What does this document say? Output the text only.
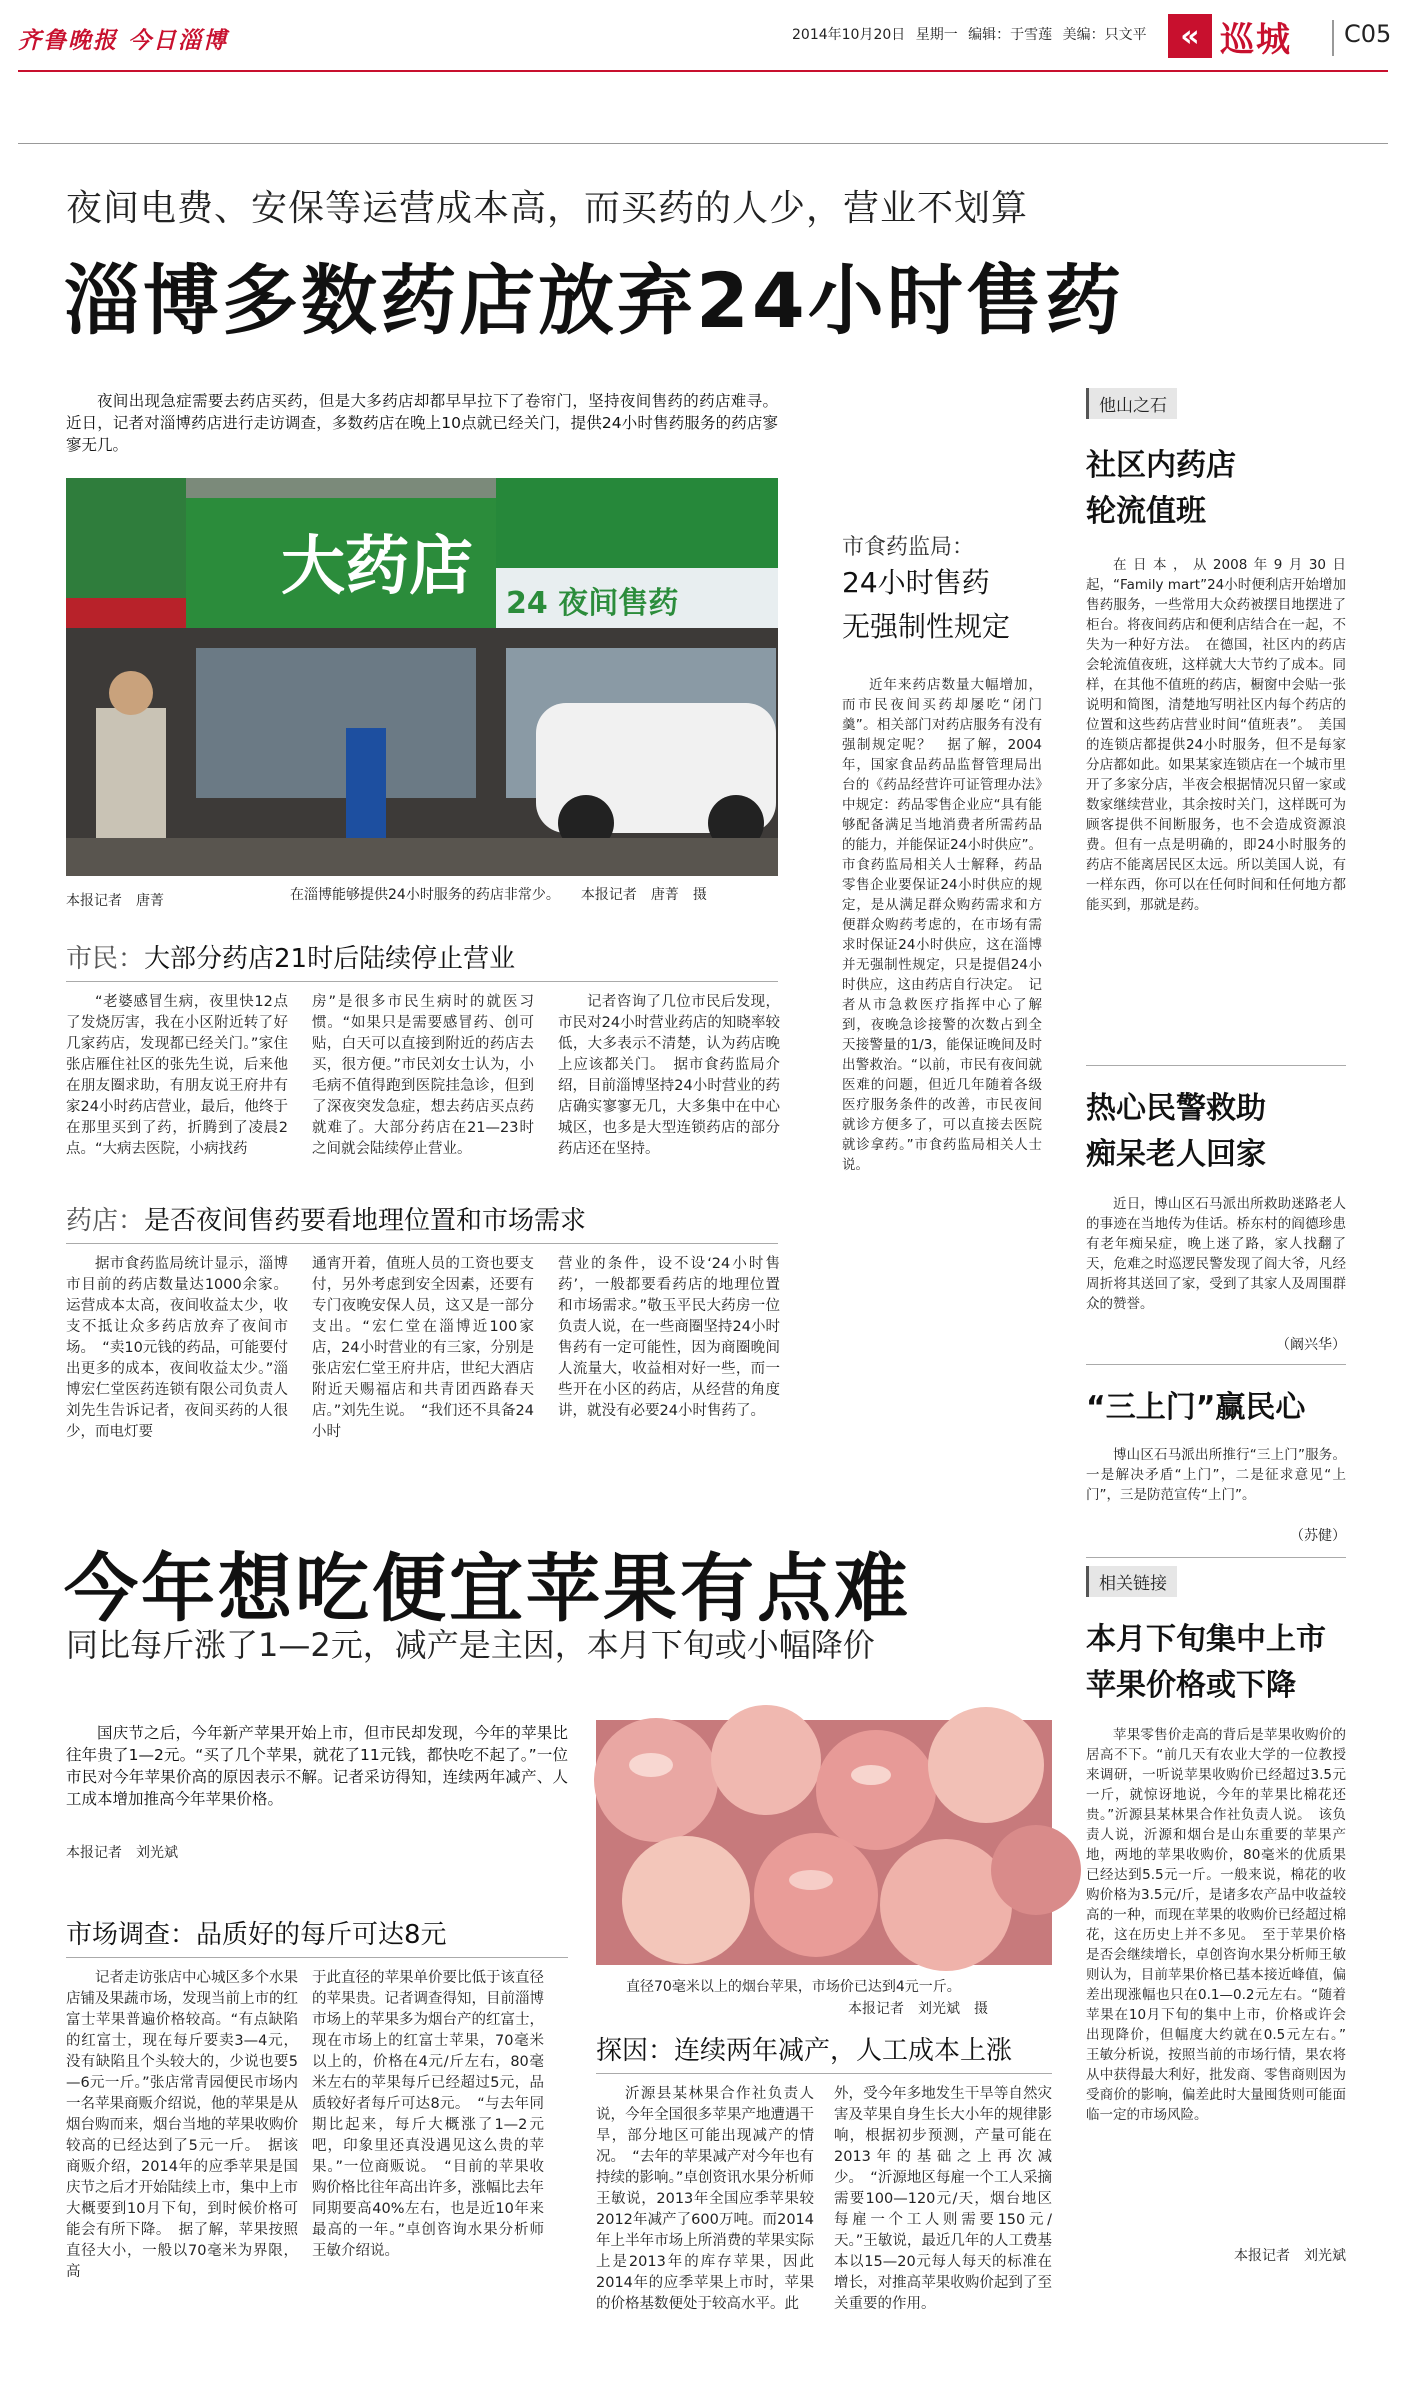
齐鲁晚报 今日淄博	2014年10月20日 星期一 编辑：于雪莲 美编：只文平	« 巡城	C05
夜间电费、安保等运营成本高，而买药的人少，营业不划算
淄博多数药店放弃24小时售药
夜间出现急症需要去药店买药，但是大多药店却都早早拉下了卷帘门，坚持夜间售药的药店难寻。近日，记者对淄博药店进行走访调查，多数药店在晚上10点就已经关门，提供24小时售药服务的药店寥寥无几。
大药店 24 夜间售药
本报记者　唐菁	在淄博能够提供24小时服务的药店非常少。　　本报记者　唐菁　摄
市民：大部分药店21时后陆续停止营业
“老婆感冒生病，夜里快12点了发烧厉害，我在小区附近转了好几家药店，发现都已经关门。”家住张店雁住社区的张先生说，后来他在朋友圈求助，有朋友说王府井有家24小时药店营业，最后，他终于在那里买到了药，折腾到了凌晨2点。“大病去医院，小病找药
房”是很多市民生病时的就医习惯。“如果只是需要感冒药、创可贴，白天可以直接到附近的药店去买，很方便。”市民刘女士认为，小毛病不值得跑到医院挂急诊，但到了深夜突发急症，想去药店买点药就难了。大部分药店在21—23时之间就会陆续停止营业。
记者咨询了几位市民后发现，市民对24小时营业药店的知晓率较低，大多表示不清楚，认为药店晚上应该都关门。　据市食药监局介绍，目前淄博坚持24小时营业的药店确实寥寥无几，大多集中在中心城区，也多是大型连锁药店的部分药店还在坚持。
药店：是否夜间售药要看地理位置和市场需求
据市食药监局统计显示，淄博市目前的药店数量达1000余家。运营成本太高，夜间收益太少，收支不抵让众多药店放弃了夜间市场。　“卖10元钱的药品，可能要付出更多的成本，夜间收益太少。”淄博宏仁堂医药连锁有限公司负责人刘先生告诉记者，夜间买药的人很少，而电灯要
通宵开着，值班人员的工资也要支付，另外考虑到安全因素，还要有专门夜晚安保人员，这又是一部分支出。“宏仁堂在淄博近100家店，24小时营业的有三家，分别是张店宏仁堂王府井店，世纪大酒店附近天赐福店和共青团西路春天店。”刘先生说。　“我们还不具备24小时
营业的条件，设不设‘24小时售药’，一般都要看药店的地理位置和市场需求。”敬玉平民大药房一位负责人说，在一些商圈坚持24小时售药有一定可能性，因为商圈晚间人流量大，收益相对好一些，而一些开在小区的药店，从经营的角度讲，就没有必要24小时售药了。
市食药监局：
24小时售药
无强制性规定
近年来药店数量大幅增加，而市民夜间买药却屡吃“闭门羹”。相关部门对药店服务有没有强制规定呢？　据了解，2004年，国家食品药品监督管理局出台的《药品经营许可证管理办法》中规定：药品零售企业应“具有能够配备满足当地消费者所需药品的能力，并能保证24小时供应”。市食药监局相关人士解释，药品零售企业要保证24小时供应的规定，是从满足群众购药需求和方便群众购药考虑的，在市场有需求时保证24小时供应，这在淄博并无强制性规定，只是提倡24小时供应，这由药店自行决定。　记者从市急救医疗指挥中心了解到，夜晚急诊接警的次数占到全天接警量的1/3，能保证晚间及时出警救治。“以前，市民有夜间就医难的问题，但近几年随着各级医疗服务条件的改善，市民夜间就诊方便多了，可以直接去医院就诊拿药。”市食药监局相关人士说。
他山之石
社区内药店
轮流值班
在日本，从2008年9月30日起，“Family mart”24小时便利店开始增加售药服务，一些常用大众药被摆目地摆进了柜台。将夜间药店和便利店结合在一起，不失为一种好方法。　在德国，社区内的药店会轮流值夜班，这样就大大节约了成本。同样，在其他不值班的药店，橱窗中会贴一张说明和简图，清楚地写明社区内每个药店的位置和这些药店营业时间“值班表”。　美国的连锁店都提供24小时服务，但不是每家分店都如此。如果某家连锁店在一个城市里开了多家分店，半夜会根据情况只留一家或数家继续营业，其余按时关门，这样既可为顾客提供不间断服务，也不会造成资源浪费。但有一点是明确的，即24小时服务的药店不能离居民区太远。所以美国人说，有一样东西，你可以在任何时间和任何地方都能买到，那就是药。
热心民警救助
痴呆老人回家
近日，博山区石马派出所救助迷路老人的事迹在当地传为佳话。桥东村的阎德珍患有老年痴呆症，晚上迷了路，家人找翻了天，危难之时巡逻民警发现了阎大爷，凡经周折将其送回了家，受到了其家人及周围群众的赞誉。
（阚兴华）
“三上门”赢民心
博山区石马派出所推行“三上门”服务。一是解决矛盾“上门”，二是征求意见“上门”，三是防范宣传“上门”。
（苏健）
相关链接
本月下旬集中上市
苹果价格或下降
苹果零售价走高的背后是苹果收购价的居高不下。“前几天有农业大学的一位教授来调研，一听说苹果收购价已经超过3.5元一斤，就惊讶地说，今年的苹果比棉花还贵。”沂源县某林果合作社负责人说。　该负责人说，沂源和烟台是山东重要的苹果产地，两地的苹果收购价，80毫米的优质果已经达到5.5元一斤。一般来说，棉花的收购价格为3.5元/斤，是诸多农产品中收益较高的一种，而现在苹果的收购价已经超过棉花，这在历史上并不多见。　至于苹果价格是否会继续增长，卓创咨询水果分析师王敏则认为，目前苹果价格已基本接近峰值，偏差出现涨幅也只在0.1—0.2元左右。“随着苹果在10月下旬的集中上市，价格或许会出现降价，但幅度大约就在0.5元左右。”　王敏分析说，按照当前的市场行情，果农将从中获得最大利好，批发商、零售商则因为受商价的影响，偏差此时大量囤货则可能面临一定的市场风险。
本报记者　刘光斌
今年想吃便宜苹果有点难
同比每斤涨了1—2元，减产是主因，本月下旬或小幅降价
国庆节之后，今年新产苹果开始上市，但市民却发现，今年的苹果比往年贵了1—2元。“买了几个苹果，就花了11元钱，都快吃不起了。”一位市民对今年苹果价高的原因表示不解。记者采访得知，连续两年减产、人工成本增加推高今年苹果价格。
本报记者　刘光斌
市场调查：品质好的每斤可达8元
记者走访张店中心城区多个水果店铺及果蔬市场，发现当前上市的红富士苹果普遍价格较高。“有点缺陷的红富士，现在每斤要卖3—4元，没有缺陷且个头较大的，少说也要5—6元一斤。”张店常青园便民市场内一名苹果商贩介绍说，他的苹果是从烟台购而来，烟台当地的苹果收购价较高的已经达到了5元一斤。　据该商贩介绍，2014年的应季苹果是国庆节之后才开始陆续上市，集中上市大概要到10月下旬，到时候价格可能会有所下降。　据了解，苹果按照直径大小，一般以70毫米为界限，高
于此直径的苹果单价要比低于该直径的苹果贵。记者调查得知，目前淄博市场上的苹果多为烟台产的红富士，现在市场上的红富士苹果，70毫米以上的，价格在4元/斤左右，80毫米左右的苹果每斤已经超过5元，品质较好者每斤可达8元。　“与去年同期比起来，每斤大概涨了1—2元吧，印象里还真没遇见这么贵的苹果。”一位商贩说。　“目前的苹果收购价格比往年高出许多，涨幅比去年同期要高40%左右，也是近10年来最高的一年。”卓创咨询水果分析师王敏介绍说。
直径70毫米以上的烟台苹果，市场价已达到4元一斤。
本报记者　刘光斌　摄
探因：连续两年减产，人工成本上涨
沂源县某林果合作社负责人说，今年全国很多苹果产地遭遇干旱，部分地区可能出现减产的情况。　“去年的苹果减产对今年也有持续的影响。”卓创资讯水果分析师王敏说，2013年全国应季苹果较2012年减产了600万吨。而2014年上半年市场上所消费的苹果实际上是2013年的库存苹果，因此2014年的应季苹果上市时，苹果的价格基数便处于较高水平。此
外，受今年多地发生干旱等自然灾害及苹果自身生长大小年的规律影响，根据初步预测，产量可能在2013年的基础之上再次减少。　“沂源地区每雇一个工人采摘需要100—120元/天，烟台地区每雇一个工人则需要150元/天。”王敏说，最近几年的人工费基本以15—20元每人每天的标准在增长，对推高苹果收购价起到了至关重要的作用。
